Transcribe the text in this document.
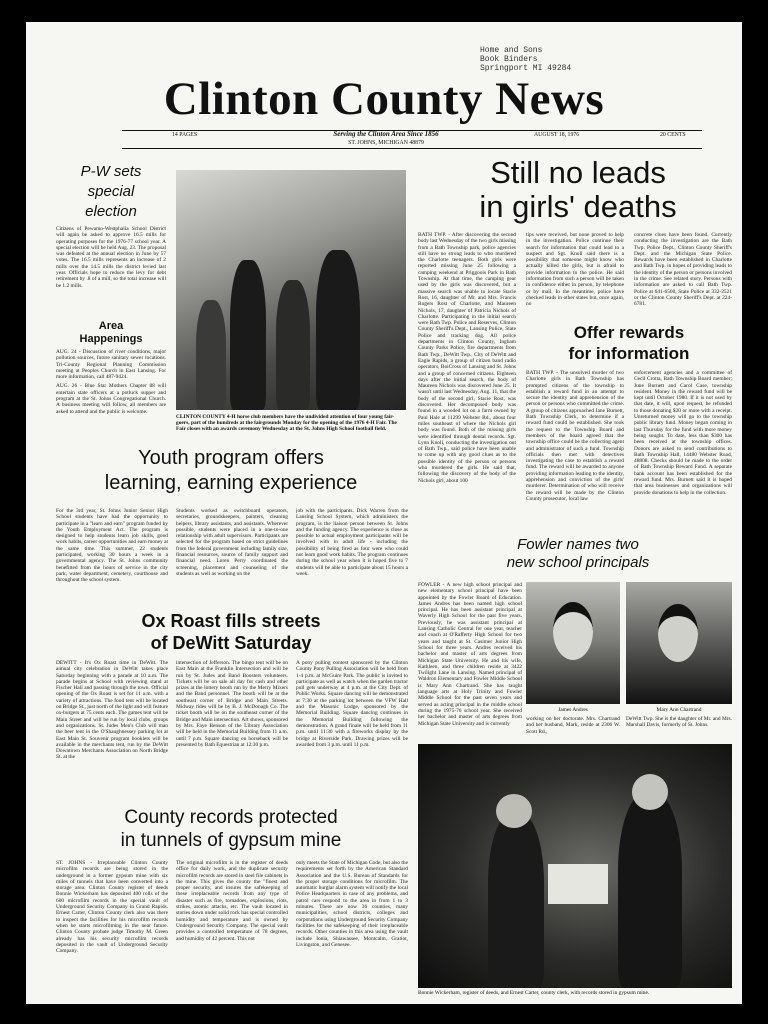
Home and Sons
Book Binders
Springport MI 49284
Clinton County News
14 PAGES	Serving the Clinton Area Since 1856
ST. JOHNS, MICHIGAN 48879
AUGUST 18, 1976	20 CENTS
P-W sets
special
election
Citizens of Pewamo-Westphalia School District will again be asked to approve 16.5 mills for operating purposes for the 1976-77 school year. A special election will be held Aug. 23. The proposal was defeated at the annual election in June by 57 votes. The 16.5 mills represents an increase of 2 mills over the 14.5 mills the district levied last year. Officials hope to reduce the levy for debt retirement by .8 of a mill, so the total increase will be 1.2 mills.
Area
Happenings
AUG. 24 - Discussion of river conditions, major pollution sources, future sanitary sewer locations. Tri-County Regional Planning Commission meeting at Peoples Church in East Lansing. For more information, call 487-9424.
AUG. 26 - Blue Star Mothers Chapter 88 will entertain state officers at a potluck supper and program at the St. Johns Congregational Church. A business meeting will follow, all members are asked to attend and the public is welcome.
CLINTON COUNTY 4-H horse club members have the undivided attention of four young fair-goers, part of the hundreds at the fairgrounds Monday for the opening of the 1976 4-H Fair. The Fair closes with an awards ceremony Wednesday at the St. Johns High School football field.
Still no leads
in girls' deaths
BATH TWP. - After discovering the second body last Wednesday of the two girls missing from a Bath Township park, police agencies still have no strong leads to who murdered the Charlotte teenagers. Both girls were reported missing June 25 following a camping weekend at Priggoois Park in Bath Township. At that time, the camping gear used by the girls was discovered, but a massive search was unable to locate Stacie Rost, 16, daughter of Mr. and Mrs. Francis Rogers Rost of Charlotte, and Maureen Nichols, 17, daughter of Patricia Nichols of Charlotte. Participating in the initial search were Bath Twp. Police and Reserves, Clinton County Sheriff's Dept., Lansing Police, State Police and tracking dog. All police departments in Clinton County, Ingham County Parks Police, fire departments from Bath Twp., DeWitt Twp., City of DeWitt and Eagle Rapids, a group of citizen band radio operators, BoiCross of Lansing and St. Johns and a group of concerned citizens. Eighteen days after the initial search, the body of Maureen Nichols was discovered June 25. It wasn't until last Wednesday, Aug. 11, that the body of the second girl, Stacie Rost, was discovered. Her decomposed body was found in a wooded lot on a farm owned by Paul Hale at 11299 Webster Rd., about four miles southeast of where the Nichols girl body was found. Both of the missing girls were identified through dental records. Sgt. Lynn Knoll, conducting the investigation out of Bath Twp., said police have been unable to come up with any good clues as to the possible identity of the person or persons who murdered the girls. He said that, following the discovery of the body of the Nichols girl, about 100
tips were received, but none proved to help in the investigation. Police continue their search for information that could lead to a suspect and Sgt. Knoll said there is a possibility that someone might know who actually killed the girls, but is afraid to provide information to the police. He said information from such a person will be taken in confidence either in person, by telephone or by mail. In the meantime, police have checked leads in other states but, once again, no
concrete clues have been found. Currently conducting the investigation are the Bath Twp. Police Dept., Clinton County Sheriff's Dept. and the Michigan State Police. Rewards have been established in Charlotte and Bath Twp. in hopes of providing leads to the identity of the person or persons involved in the crime. See related story. Persons with information are asked to call Bath Twp. Police at 641-6500, State Police at 332-2521 or the Clinton County Sheriff's Dept. at 224-6781.
Offer rewards
for information
BATH TWP. - The unsolved murder of two Charlotte girls in Bath Township has prompted citizens of the township to establish a reward fund in an attempt to secure the identity and apprehension of the person or persons who committed the crime. A group of citizens approached Jane Burnett, Bath Township Clerk, to determine if a reward fund could be established. She took the request to the Township Board and members of the board agreed that the township office could be the collecting agent and administrator of such a fund. Township officials then met with detectives investigating the case to establish a reward fund. The reward will be awarded to anyone providing information leading to the identity, apprehension and conviction of the girls' murderer. Determination of who will receive the reward will be made by the Clinton County prosecutor, local law
enforcement agencies and a committee of Cecil Crotta, Bath Township Board member; June Burnett and Carol Case, township resident. Money in the reward fund will be kept until October 1980. If it is not used by that date, it will, upon request, be refunded to those donating $20 or more with a receipt. Unreturned money will go to the township public library fund. Money began coming in last Thursday for the fund with more money being sought. To date, less than $300 has been received at the township offices. Donors are asked to send contributions to Bath Township Hall, 14480 Webster Road, 48808. Checks should be made to the order of Bath Township Reward Fund. A separate bank account has been established for the reward fund. Mrs. Burnett said it is hoped that area businesses and organizations will provide donations to help in the collection.
Youth program offers
learning, earning experience
For the 3rd year, St. Johns Junior Senior High School students have had the opportunity to participate in a "learn and earn" program funded by the Youth Employment Act. The program is designed to help students learn job skills, good work habits, career opportunities and earn money at the same time. This summer, 22 students participated, working 30 hours a week in a governmental agency. The St. Johns community benefitted from the hours of service in the city park, water department, cemetery, courthouse and throughout the school system.
Students worked as switchboard operators, secretaries, groundskeepers, painters, cleaning helpers, library assistants, and assistants. Wherever possible, students were placed in a one-to-one relationship with adult supervisors. Participants are selected for the program based on strict guidelines from the federal government including family size, financial resources, source of family support and financial need. Loren Perry coordinated the screening, placement and counseling of the students as well as working on the
job with the participants. Dick Warren from the Lansing School System, which administers the program, is the liaison person between St. Johns and the funding agency. The experience is close as possible to actual employment participants will be involved with in adult life - including the possibility of being fired as four were who could not learn good work habits. The program continues during the school year when it is hoped five to 7 students will be able to participate about 15 hours a week.
Fowler names two
new school principals
FOWLER - A new high school principal and new elementary school principal have been appointed by the Fowler Board of Education. James Andres has been named high school principal. He has been assistant principal at Waverly High School for the past five years. Previously, he was assistant principal at Lansing Catholic Central for one year, teacher and coach at O'Rafferty High School for two years and taught at St. Casimer Junior High School for three years. Andres received his bachelor and master of arts degrees from Michigan State University. He and his wife, Kathleen, and three children reside at 3422 Twilight Lane in Lansing. Named principal of Waldron Elementary and Fowler Middle School is Mary Ann Chartrand. She has taught language arts at Holy Trinity and Fowler Middle School for the past seven years and served as acting principal in the middle school during the 1975-76 school year. She received her bachelor and master of arts degrees from Michigan State University and is currently
James Andres	Mary Ann Chartrand
working on her doctorate. Mrs. Chartrand and her husband, Mark, reside at 2306 W. Scott Rd.,
DeWitt Twp. She is the daughter of Mr. and Mrs. Marshall Davis, formerly of St. Johns.
Ox Roast fills streets
of DeWitt Saturday
DEWITT - It's Ox Roast time in DeWitt. The annual city celebration in DeWitt takes place Saturday beginning with a parade at 10 a.m. The parade begins at School with reviewing stand at Fischer Hall and passing through the town. Official opening of the Ox Roast is set for 11 a.m. with a variety of attractions. The food tent will be located on Bridge St., just north of the light and will feature ox-burgers at 75 cents each. The games tent will be Main Street and will be run by local clubs, groups and organizations. St. Judes Men's Club will man the beer tent in the O'Shaughnessey parking lot at East Main St. Souvenir program booklets will be available in the merchants tent, run by the DeWitt Downtown Merchants Association on North Bridge St. at the
intersection of Jefferson. The bingo tent will be on East Main at the Franklin Intersection and will be run by St. Judes and Band Boosters volunteers. Tickets will be on sale all day for cash and other prizes at the lottery booth run by the Merry Mixers and the Band personnel. The booth will be at the southeast corner of Bridge and Main Streets. Midway rides will be by B. J. McDonagh Co. The ticket booth will be on the southeast corner of the Bridge and Main intersection. Art shows, sponsored by Mrs. Faye Benson of the Library Association will be held in the Memorial Building from 11 a.m. until 7 p.m. Square dancing on horseback will be presented by Bath Equestrian at 12:30 p.m.
A pony pulling contest sponsored by the Clinton County Pony Pulling Association will be held from 1-4 p.m. at McGuire Park. The public is invited to participate as well as watch when the garden tractor pull gets underway at 4 p.m. at the City Dept. of Public Works. Square dancing will be demonstrated at 7:30 at the parking lot between the VFW Hall and the Masonic Lodge, sponsored by the Memorial Building. Square dancing continues in the Memorial Building following the demonstration. A grand finale will be held from 11 p.m. until 11:30 with a fireworks display by the bridge at Riverside Park. Drawing prizes will be awarded from 3 p.m. until 11 p.m.
County records protected
in tunnels of gypsum mine
ST. JOHNS - Irreplaceable Clinton County microfilm records are being stored in the underground in a former gypsum mine with six miles of tunnels that have been converted into a storage area. Clinton County register of deeds Bonnie Wickerham has deposited 400 rolls of the 600 microfilm records in the special vault of Underground Security Company in Grand Rapids. Ernest Carter, Clinton County clerk also was there to inspect the facilities for his microfilm records when he starts microfilming in the near future. Clinton County probate judge Timothy M. Green already has his security microfilm records deposited in the vault of Underground Security Company.
The original microfilm is in the register of deeds office for daily work, and the duplicate security microfilm records are stored in steel file cabinets in the mine. This gives the county the "finest and proper security, and insures the safekeeping of these irreplaceable records from any type of disaster such as fire, tornadoes, explosions, riots, strikes, atomic attacks, etc. The vault located in stories down under solid rock has special controlled humidity and temperature and is owned by Underground Security Company. The special vault provides a controlled temperature of 78 degrees, and humidity of 42 percent. This not
only meets the State of Michigan Code, but also the requirements set forth by the American Standard Association and the U.S. Bureau of Standards for the proper storage conditions for microfilm. The automatic burglar alarm system will notify the local Police Headquarters in case of any problems, and patrol cars respond to the area in from 1 to 3 minutes. There are now 36 counties, many municipalities, school districts, colleges and corporations using Underground Security Company facilities for the safekeeping of their irreplaceable records. Other counties in this area using the vault include Ionia, Shiawassee, Montcalm, Gratiot, Livingston, and Genesee.
Bonnie Wickerham, register of deeds, and Ernest Carter, county clerk, with records stored in gypsum mine.
